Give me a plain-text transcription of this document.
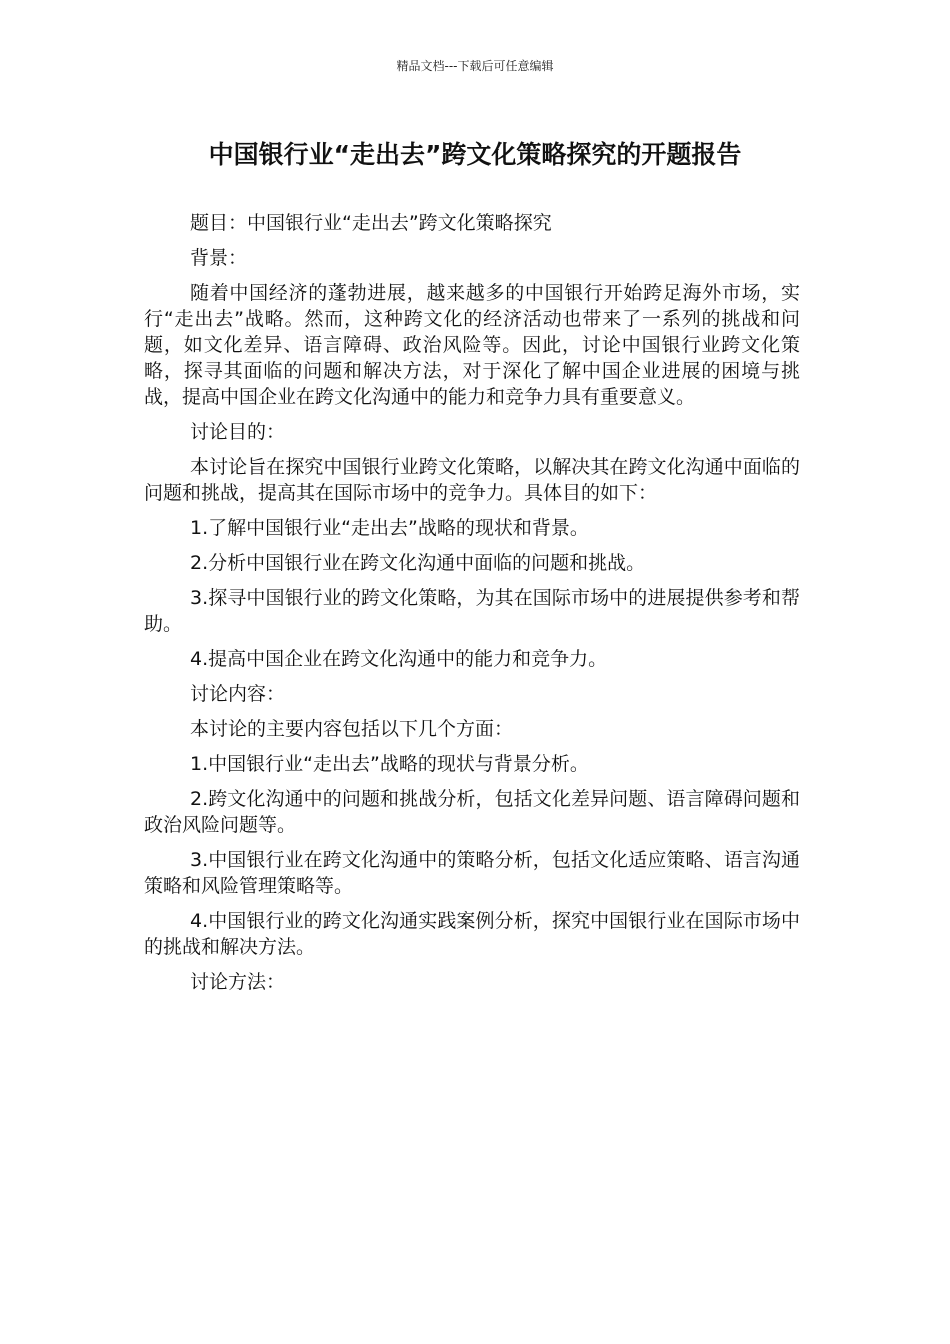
精品文档---下载后可任意编辑
中国银行业“走出去”跨文化策略探究的开题报告

题目：中国银行业“走出去”跨文化策略探究

背景：

随着中国经济的蓬勃进展，越来越多的中国银行开始跨足海外市场，实行“走出去”战略。然而，这种跨文化的经济活动也带来了一系列的挑战和问题，如文化差异、语言障碍、政治风险等。因此，讨论中国银行业跨文化策略，探寻其面临的问题和解决方法，对于深化了解中国企业进展的困境与挑战，提高中国企业在跨文化沟通中的能力和竞争力具有重要意义。

讨论目的：

本讨论旨在探究中国银行业跨文化策略，以解决其在跨文化沟通中面临的问题和挑战，提高其在国际市场中的竞争力。具体目的如下：

1.了解中国银行业“走出去”战略的现状和背景。

2.分析中国银行业在跨文化沟通中面临的问题和挑战。

3.探寻中国银行业的跨文化策略，为其在国际市场中的进展提供参考和帮助。

4.提高中国企业在跨文化沟通中的能力和竞争力。

讨论内容：

本讨论的主要内容包括以下几个方面：

1.中国银行业“走出去”战略的现状与背景分析。

2.跨文化沟通中的问题和挑战分析，包括文化差异问题、语言障碍问题和政治风险问题等。

3.中国银行业在跨文化沟通中的策略分析，包括文化适应策略、语言沟通策略和风险管理策略等。

4.中国银行业的跨文化沟通实践案例分析，探究中国银行业在国际市场中的挑战和解决方法。

讨论方法：
